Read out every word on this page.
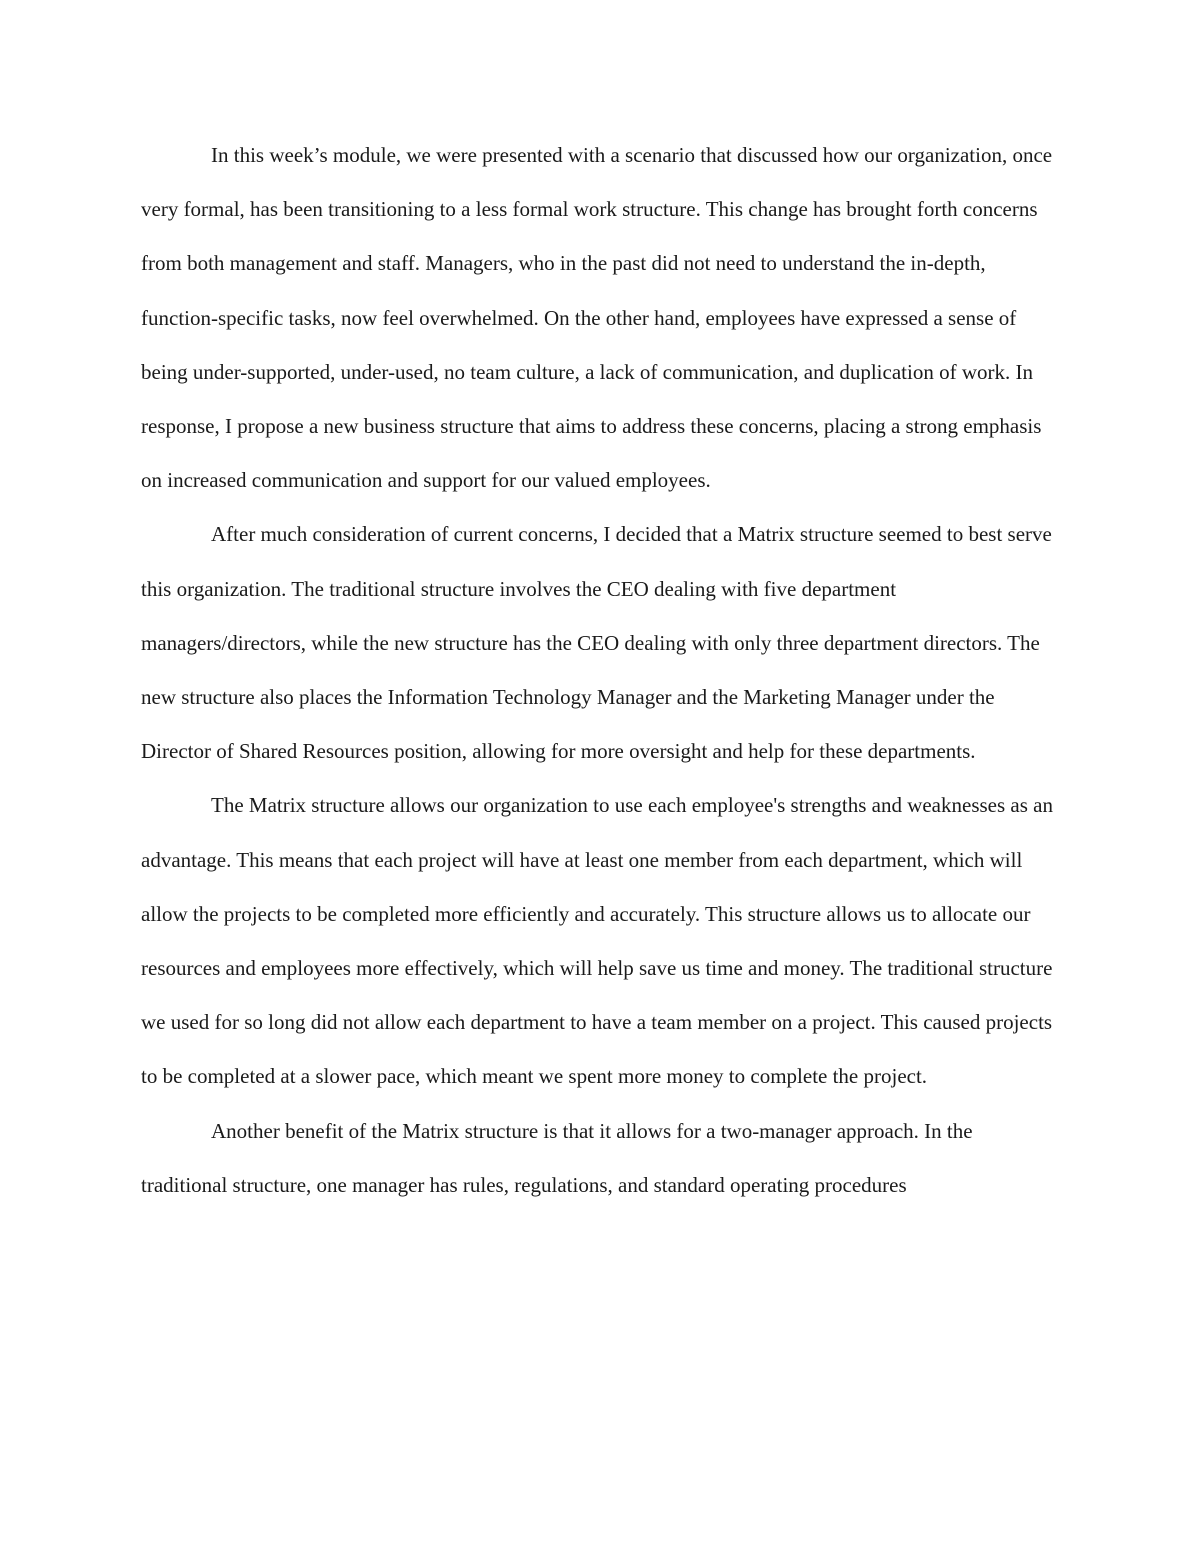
In this week’s module, we were presented with a scenario that discussed how our organization, once very formal, has been transitioning to a less formal work structure. This change has brought forth concerns from both management and staff. Managers, who in the past did not need to understand the in-depth, function-specific tasks, now feel overwhelmed. On the other hand, employees have expressed a sense of being under-supported, under-used, no team culture, a lack of communication, and duplication of work. In response, I propose a new business structure that aims to address these concerns, placing a strong emphasis on increased communication and support for our valued employees.

After much consideration of current concerns, I decided that a Matrix structure seemed to best serve this organization. The traditional structure involves the CEO dealing with five department managers/directors, while the new structure has the CEO dealing with only three department directors. The new structure also places the Information Technology Manager and the Marketing Manager under the Director of Shared Resources position, allowing for more oversight and help for these departments.

The Matrix structure allows our organization to use each employee's strengths and weaknesses as an advantage. This means that each project will have at least one member from each department, which will allow the projects to be completed more efficiently and accurately. This structure allows us to allocate our resources and employees more effectively, which will help save us time and money. The traditional structure we used for so long did not allow each department to have a team member on a project. This caused projects to be completed at a slower pace, which meant we spent more money to complete the project.

Another benefit of the Matrix structure is that it allows for a two-manager approach. In the traditional structure, one manager has rules, regulations, and standard operating procedures
